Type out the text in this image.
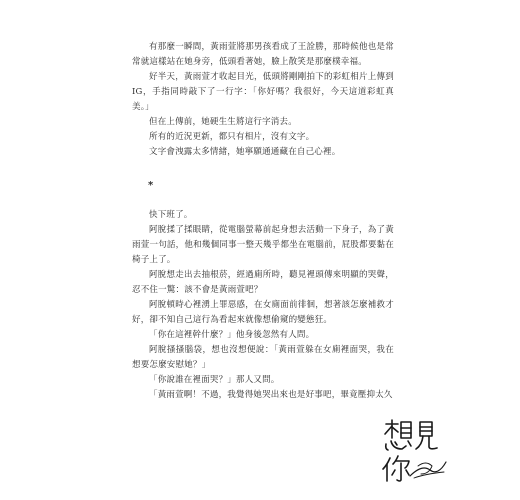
有那麼一瞬間，黃雨萱將那男孩看成了王詮勝，那時候他也是常常就這樣站在她身旁，低頭看著她，臉上散笑是那麼樸幸福。

好半天，黃雨萱才收起目光，低頭將剛剛拍下的彩虹相片上傳到IG，手指同時敲下了一行字：「你好嗎？我很好，今天這道彩虹真美。」

但在上傳前，她硬生生將這行字消去。

所有的近況更新，都只有相片，沒有文字。

文字會洩露太多情緒，她寧願通通藏在自己心裡。

*

快下班了。

阿脫揉了揉眼睛，從電腦螢幕前起身想去活動一下身子，為了黃雨萱一句話，他和幾個同事一整天幾乎都坐在電腦前，屁股都要黏在椅子上了。

阿脫想走出去抽根菸，經過廁所時，聽見裡頭傳來明顯的哭聲，忍不住一驚：該不會是黃雨萱吧？

阿脫頓時心裡湧上罪惡感，在女廁面前徘徊，想著該怎麼補救才好，卻不知自己這行為看起來就像想偷窺的變態狂。

「你在這裡幹什麼？」他身後忽然有人問。

阿脫搔搔腦袋，想也沒想便說：「黃雨萱躲在女廁裡面哭，我在想要怎麼安慰她？」

「你說誰在裡面哭？」那人又問。

「黃雨萱啊！不過，我覺得她哭出來也是好事吧，畢竟壓抑太久
